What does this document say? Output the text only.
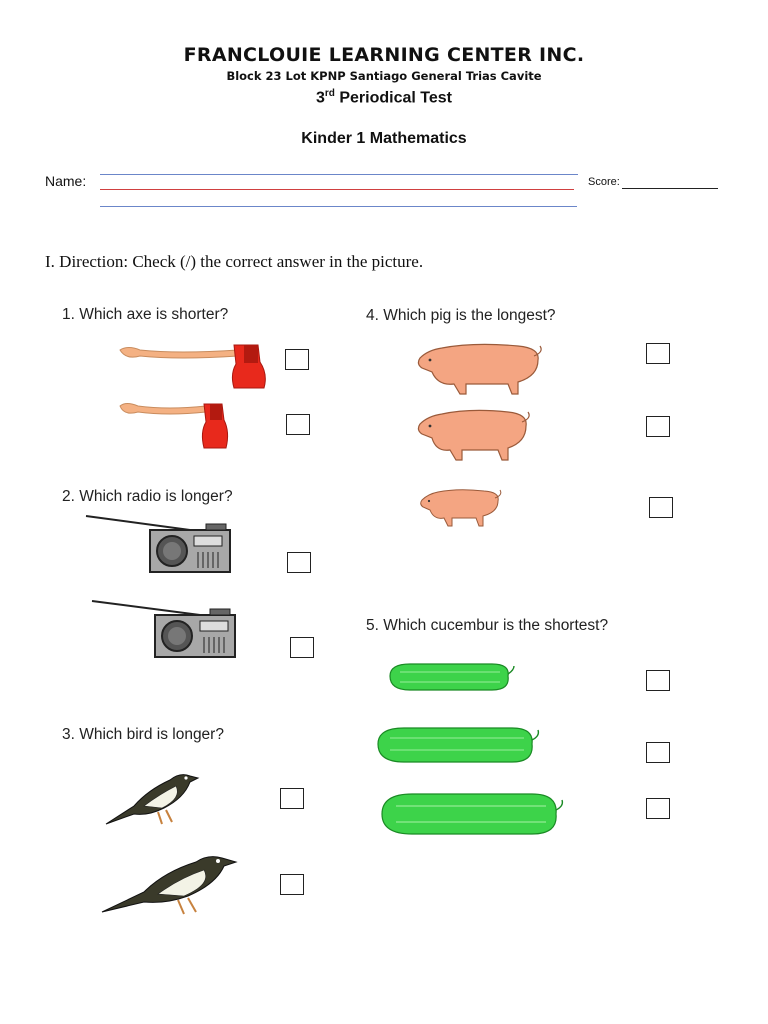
FRANCLOUIE LEARNING CENTER INC.
Block 23 Lot KPNP Santiago General Trias Cavite
3rd Periodical Test
Kinder 1 Mathematics
Name:	Score:
I. Direction: Check (/) the correct answer in the picture.
1. Which axe is shorter?
2. Which radio is longer?
3. Which bird is longer?
4. Which pig is the longest?
5. Which cucembur is the shortest?
